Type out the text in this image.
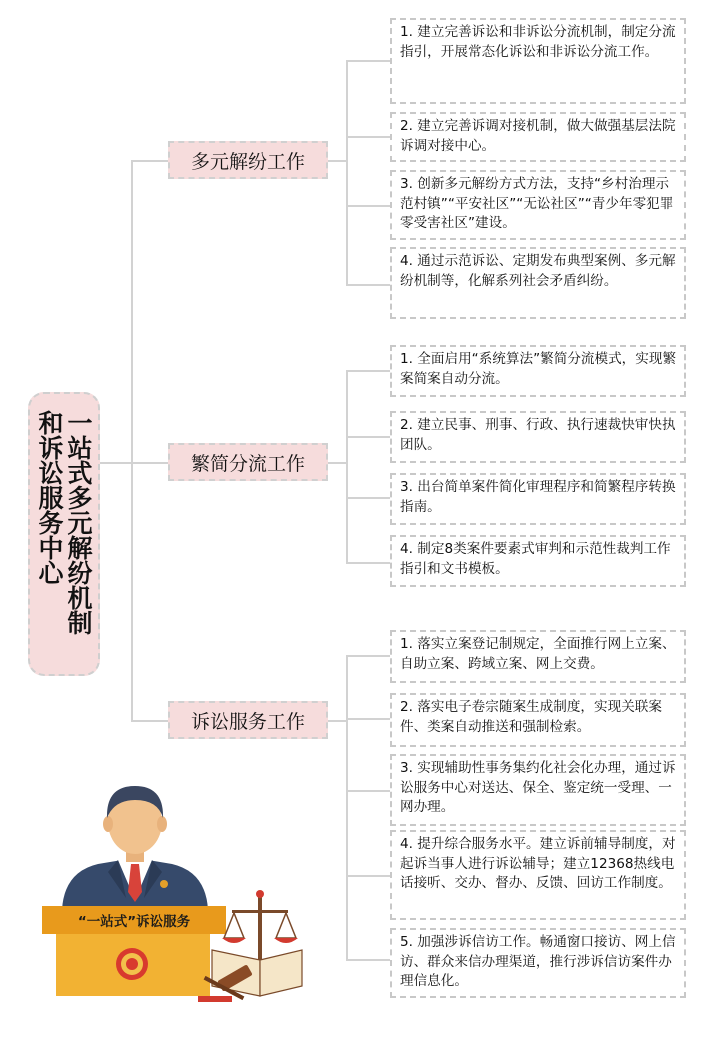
一站式多元解纷机制
和诉讼服务中心
多元解纷工作
繁简分流工作
诉讼服务工作
1. 建立完善诉讼和非诉讼分流机制，制定分流指引，开展常态化诉讼和非诉讼分流工作。
2. 建立完善诉调对接机制，做大做强基层法院诉调对接中心。
3. 创新多元解纷方式方法，支持“乡村治理示范村镇”“平安社区”“无讼社区”“青少年零犯罪零受害社区”建设。
4. 通过示范诉讼、定期发布典型案例、多元解纷机制等，化解系列社会矛盾纠纷。
1. 全面启用“系统算法”繁简分流模式，实现繁案简案自动分流。
2. 建立民事、刑事、行政、执行速裁快审快执团队。
3. 出台简单案件简化审理程序和简繁程序转换指南。
4. 制定8类案件要素式审判和示范性裁判工作指引和文书模板。
1. 落实立案登记制规定，全面推行网上立案、自助立案、跨域立案、网上交费。
2. 落实电子卷宗随案生成制度，实现关联案件、类案自动推送和强制检索。
3. 实现辅助性事务集约化社会化办理，通过诉讼服务中心对送达、保全、鉴定统一受理、一网办理。
4. 提升综合服务水平。建立诉前辅导制度，对起诉当事人进行诉讼辅导；建立12368热线电话接听、交办、督办、反馈、回访工作制度。
5. 加强涉诉信访工作。畅通窗口接访、网上信访、群众来信办理渠道，推行涉诉信访案件办理信息化。
“一站式”诉讼服务
